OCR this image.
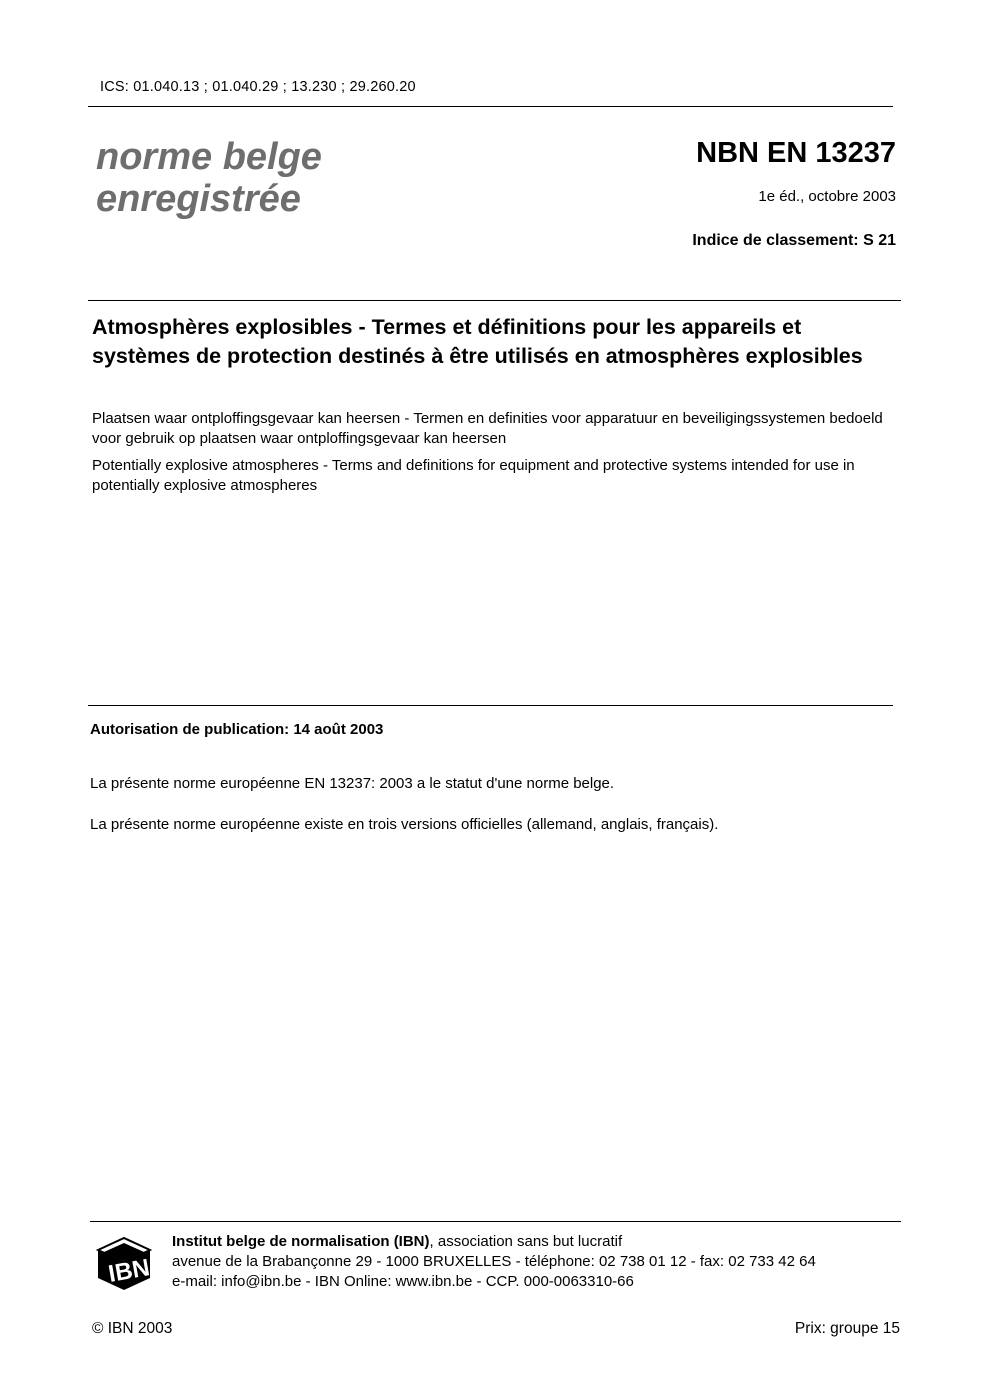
ICS: 01.040.13 ; 01.040.29 ; 13.230 ; 29.260.20
norme belge
enregistrée
NBN EN 13237
1e éd., octobre 2003
Indice de classement: S 21
Atmosphères explosibles - Termes et définitions pour les appareils et systèmes de protection destinés à être utilisés en atmosphères explosibles
Plaatsen waar ontploffingsgevaar kan heersen - Termen en definities voor apparatuur en beveiligingssystemen bedoeld voor gebruik op plaatsen waar ontploffingsgevaar kan heersen
Potentially explosive atmospheres - Terms and definitions for equipment and protective systems intended for use in potentially explosive atmospheres
Autorisation de publication: 14 août 2003
La présente norme européenne EN 13237: 2003 a le statut d'une norme belge.
La présente norme européenne existe en trois versions officielles (allemand, anglais, français).
IBN
Institut belge de normalisation (IBN), association sans but lucratif
avenue de la Brabançonne 29 - 1000 BRUXELLES - téléphone: 02 738 01 12 - fax: 02 733 42 64
e-mail: info@ibn.be - IBN Online: www.ibn.be - CCP. 000-0063310-66
© IBN 2003	Prix: groupe 15
